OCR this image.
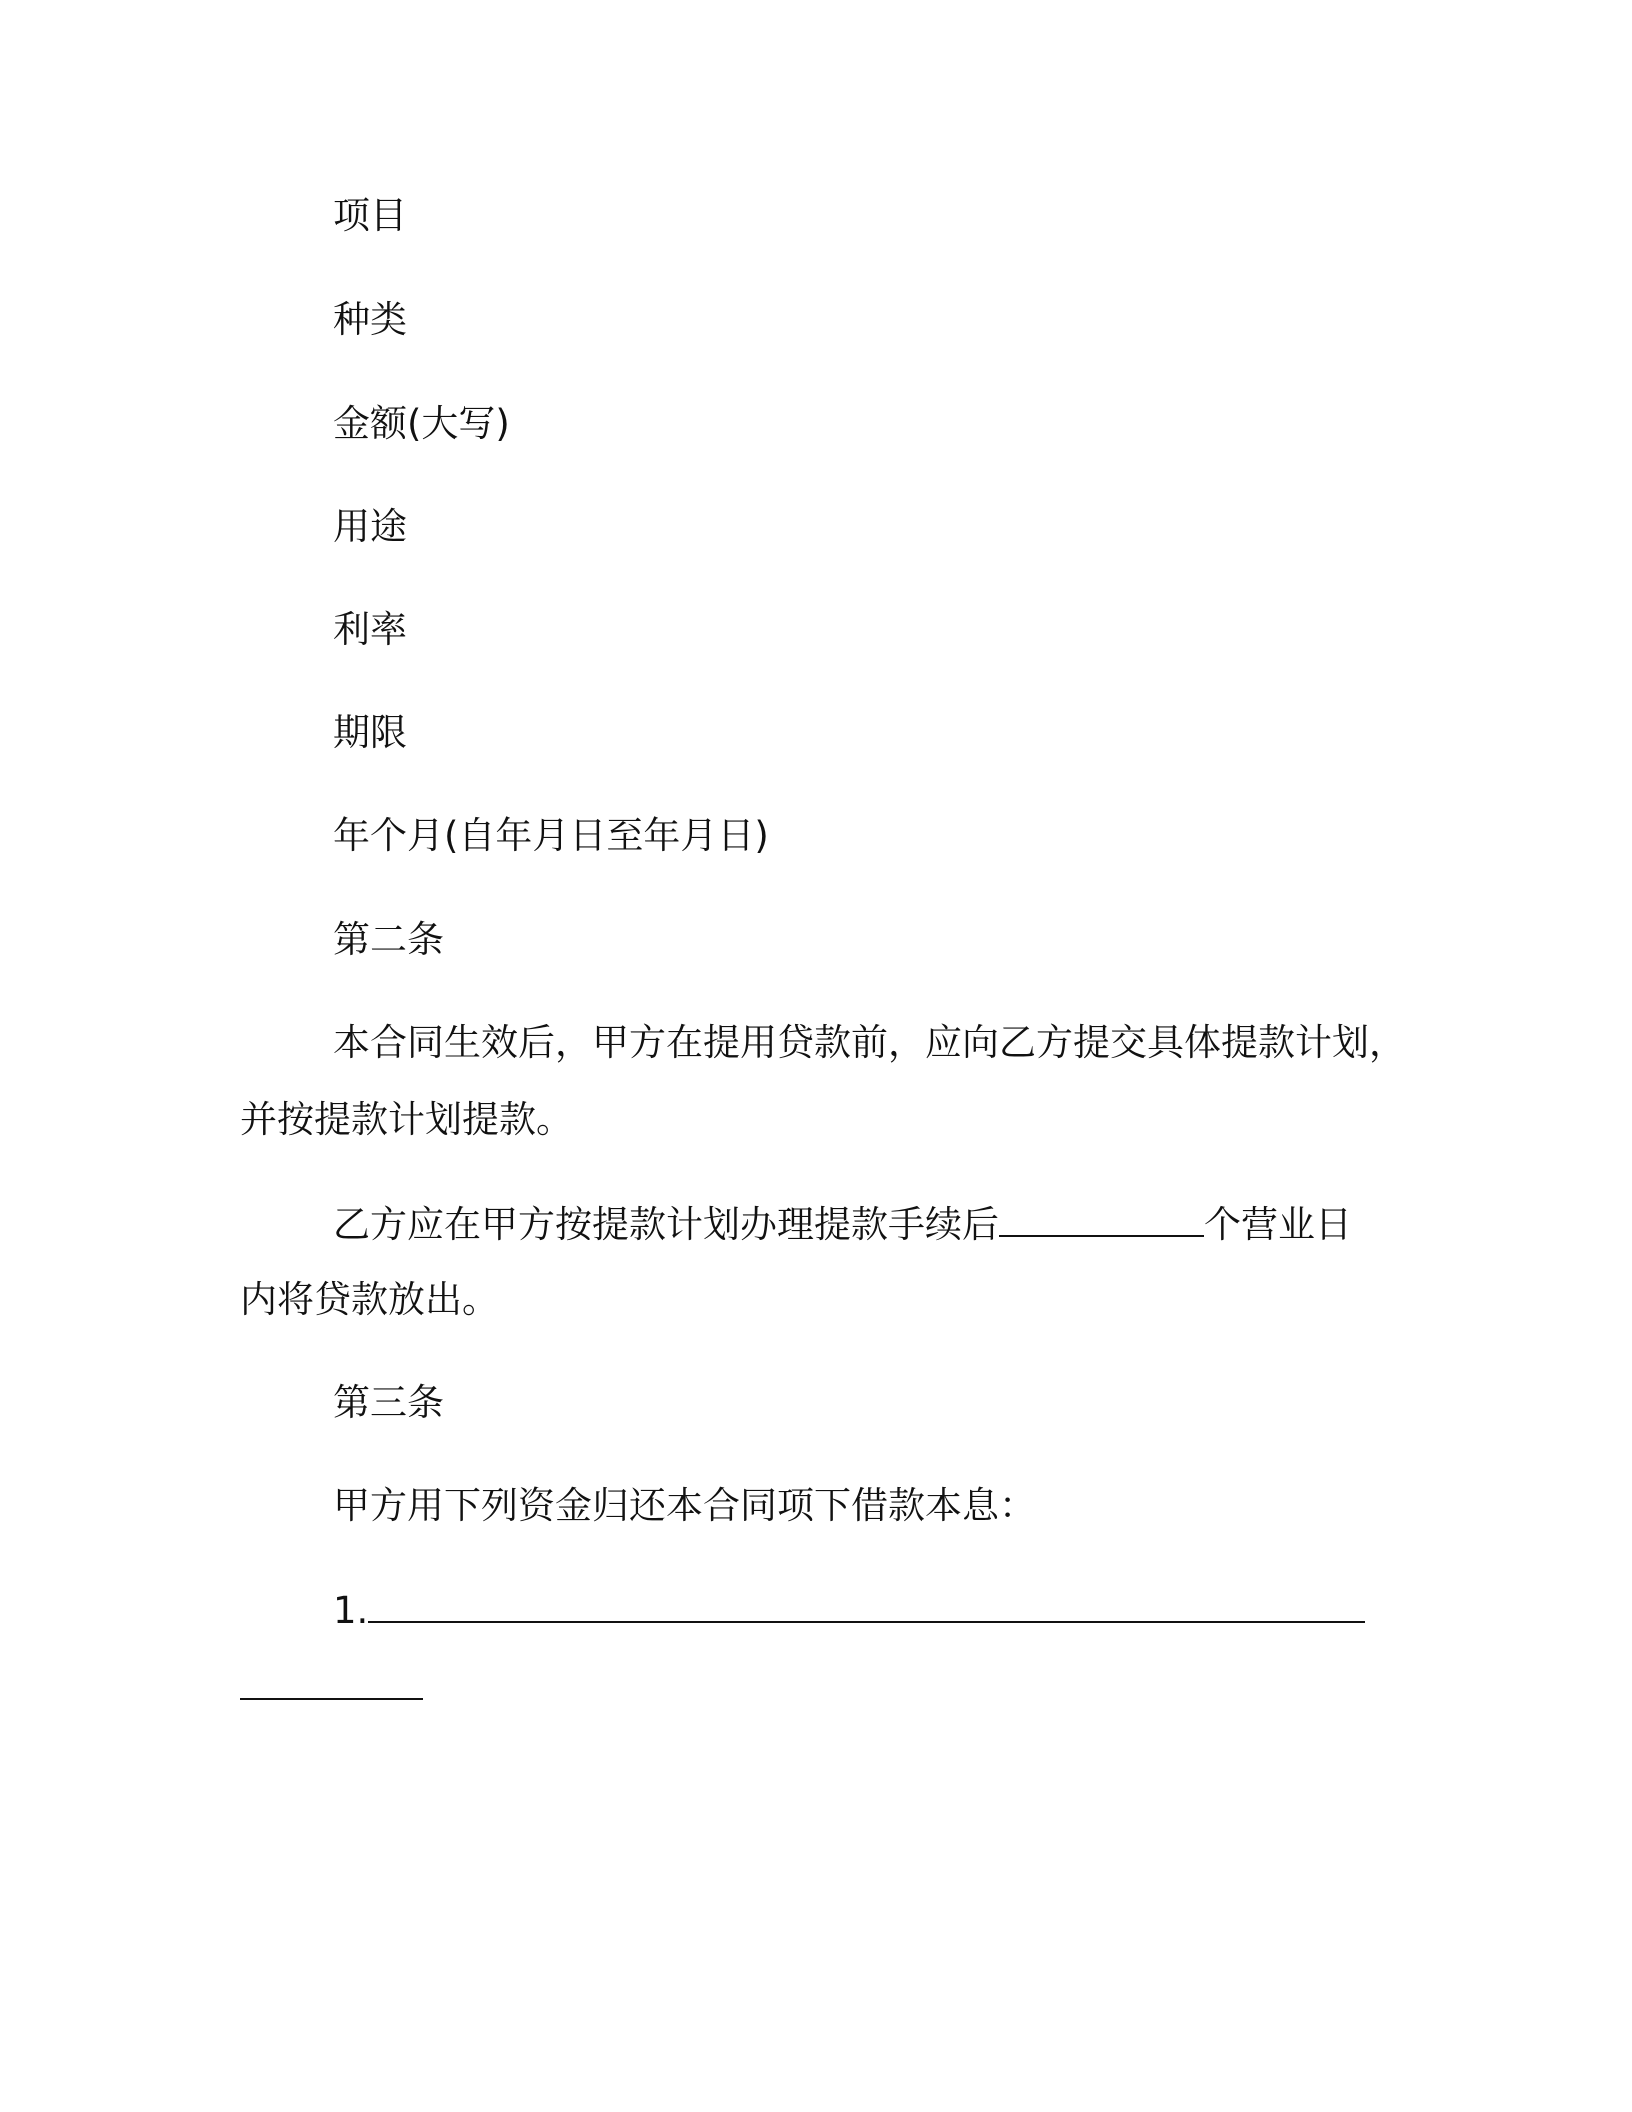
项目
种类
金额(大写)
用途
利率
期限
年个月(自年月日至年月日)
第二条
本合同生效后，甲方在提用贷款前，应向乙方提交具体提款计划，
并按提款计划提款。
乙方应在甲方按提款计划办理提款手续后	个营业日
内将贷款放出。
第三条
甲方用下列资金归还本合同项下借款本息：
1.
